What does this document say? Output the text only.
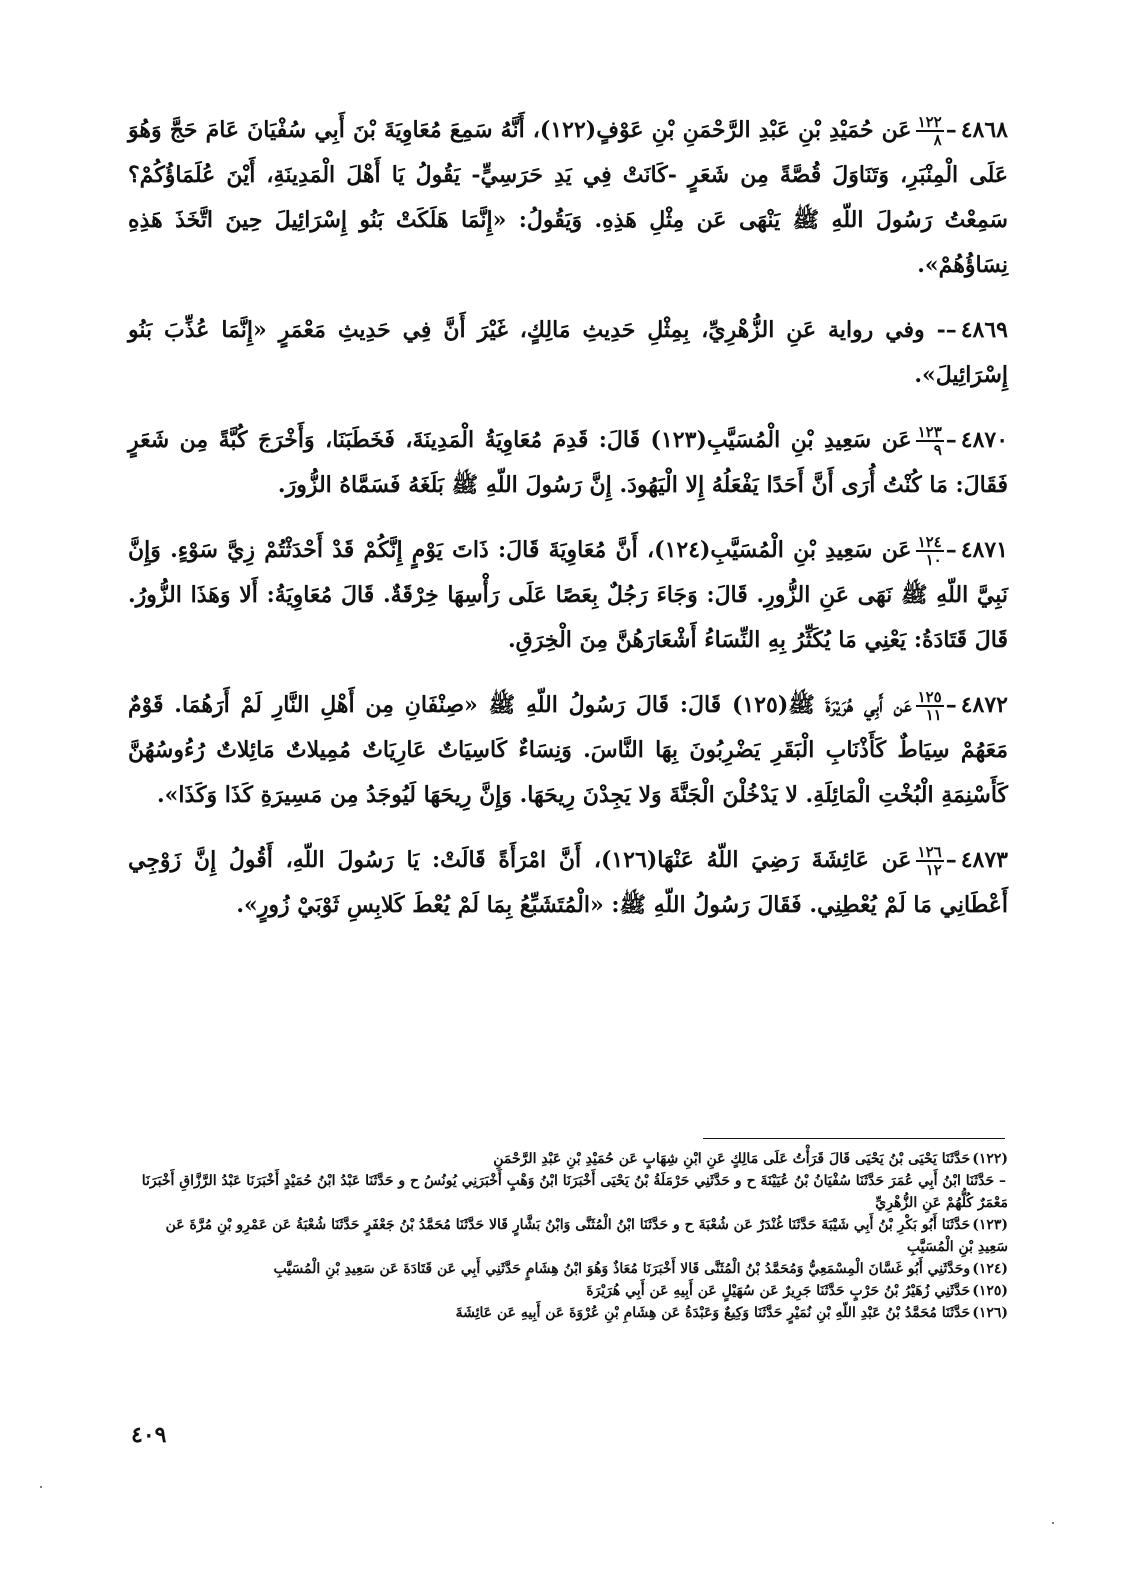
٤٨٦٨–
$\frac{١٢٢}{٨}$
عَن حُمَيْدِ بْنِ عَبْدِ الرَّحْمَنِ بْنِ عَوْفٍ(١٢٢)، أَنَّهُ سَمِعَ مُعَاوِيَةَ بْنَ أَبِي سُفْيَانَ عَامَ حَجَّ وَهُوَ عَلَى الْمِنْبَرِ، وَتَنَاوَلَ قُصَّةً مِن شَعَرٍ -كَانَتْ فِي يَدِ حَرَسِيٍّ- يَقُولُ يَا أَهْلَ الْمَدِينَةِ، أَيْنَ عُلَمَاؤُكُمْ؟ سَمِعْتُ رَسُولَ اللّهِ ﷺ يَنْهَى عَن مِثْلِ هَذِهِ. وَيَقُولُ: «إِنَّمَا هَلَكَتْ بَنُو إِسْرَائِيلَ حِينَ اتَّخَذَ هَذِهِ نِسَاؤُهُمْ».

٤٨٦٩–- وفي رواية عَنِ الزُّهْرِيِّ، بِمِثْلِ حَدِيثِ مَالِكٍ، غَيْرَ أَنَّ فِي حَدِيثِ مَعْمَرٍ «إِنَّمَا عُذِّبَ بَنُو إِسْرَائِيلَ».

٤٨٧٠–
$\frac{١٢٣}{٩}$
عَن سَعِيدِ بْنِ الْمُسَيَّبِ(١٢٣) قَالَ: قَدِمَ مُعَاوِيَةُ الْمَدِينَةَ، فَخَطَبَنَا، وَأَخْرَجَ كُبَّةً مِن شَعَرٍ فَقَالَ: مَا كُنْتُ أُرَى أَنَّ أَحَدًا يَفْعَلُهُ إِلا الْيَهُودَ. إِنَّ رَسُولَ اللّهِ ﷺ بَلَغَهُ فَسَمَّاهُ الزُّورَ.

٤٨٧١–
$\frac{١٢٤}{١٠}$
عَن سَعِيدِ بْنِ الْمُسَيَّبِ(١٢٤)، أَنَّ مُعَاوِيَةَ قَالَ: ذَاتَ يَوْمٍ إِنَّكُمْ قَدْ أَحْدَثْتُمْ زِيَّ سَوْءٍ. وَإِنَّ نَبِيَّ اللّهِ ﷺ نَهَى عَنِ الزُّورِ. قَالَ: وَجَاءَ رَجُلٌ بِعَصًا عَلَى رَأْسِهَا خِرْقَةٌ. قَالَ مُعَاوِيَةُ: أَلا وَهَذَا الزُّورُ. قَالَ قَتَادَةُ: يَعْنِي مَا يُكَثِّرُ بِهِ النِّسَاءُ أَشْعَارَهُنَّ مِنَ الْخِرَقِ.

٤٨٧٢–
$\frac{١٢٥}{١١}$
عَن أَبِي هُرَيْرَةَ ﷺ(١٢٥) قَالَ: قَالَ رَسُولُ اللّهِ ﷺ «صِنْفَانِ مِن أَهْلِ النَّارِ لَمْ أَرَهُمَا. قَوْمٌ مَعَهُمْ سِيَاطٌ كَأَذْنَابِ الْبَقَرِ يَضْرِبُونَ بِهَا النَّاسَ. وَنِسَاءٌ كَاسِيَاتٌ عَارِيَاتٌ مُمِيلاتٌ مَائِلاتٌ رُءُوسُهُنَّ كَأَسْنِمَةِ الْبُخْتِ الْمَائِلَةِ. لا يَدْخُلْنَ الْجَنَّةَ وَلا يَجِدْنَ رِيحَهَا. وَإِنَّ رِيحَهَا لَيُوجَدُ مِن مَسِيرَةِ كَذَا وَكَذَا».

٤٨٧٣–
$\frac{١٢٦}{١٢}$
عَن عَائِشَةَ رَضِيَ اللّهُ عَنْهَا(١٢٦)، أَنَّ امْرَأَةً قَالَتْ: يَا رَسُولَ اللّهِ، أَقُولُ إِنَّ زَوْجِي أَعْطَانِي مَا لَمْ يُعْطِنِي. فَقَالَ رَسُولُ اللّهِ ﷺ: «الْمُتَشَبِّعُ بِمَا لَمْ يُعْطَ كَلابِسِ ثَوْبَيْ زُورٍ».

(١٢٢)حَدَّثَنَا يَحْيَى بْنُ يَحْيَى قَالَ قَرَأْتُ عَلَى مَالِكٍ عَنِ ابْنِ شِهَابٍ عَن حُمَيْدِ بْنِ عَبْدِ الرَّحْمَنِ

– حَدَّثَنَا ابْنُ أَبِي عُمَرَ حَدَّثَنَا سُفْيَانُ بْنُ عُيَيْنَةَ ح و حَدَّثَنِي حَرْمَلَةُ بْنُ يَحْيَى أَخْبَرَنَا ابْنُ وَهْبٍ أَخْبَرَنِي يُونُسُ ح و حَدَّثَنَا عَبْدُ ابْنُ حُمَيْدٍ أَخْبَرَنَا عَبْدُ الرَّزَّاقِ أَخْبَرَنَا مَعْمَرٌ كُلُّهُمْ عَنِ الزُّهْرِيِّ

(١٢٣)حَدَّثَنَا أَبُو بَكْرِ بْنُ أَبِي شَيْبَةَ حَدَّثَنَا غُنْدَرٌ عَن شُعْبَةَ ح و حَدَّثَنَا ابْنُ الْمُثَنَّى وَابْنُ بَشَّارٍ قَالا حَدَّثَنَا مُحَمَّدُ بْنُ جَعْفَرٍ حَدَّثَنَا شُعْبَةُ عَن عَمْرِو بْنِ مُرَّةَ عَن سَعِيدِ بْنِ الْمُسَيَّبِ

(١٢٤)وحَدَّثَنِي أَبُو غَسَّانَ الْمِسْمَعِيُّ وَمُحَمَّدُ بْنُ الْمُثَنَّى قَالا أَخْبَرَنَا مُعَاذٌ وَهُوَ ابْنُ هِشَامٍ حَدَّثَنِي أَبِي عَن قَتَادَةَ عَن سَعِيدِ بْنِ الْمُسَيَّبِ

(١٢٥)حَدَّثَنِي زُهَيْرُ بْنُ حَرْبٍ حَدَّثَنَا جَرِيرٌ عَن سُهَيْلٍ عَن أَبِيهِ عَن أَبِي هُرَيْرَةَ

(١٢٦)حَدَّثَنَا مُحَمَّدُ بْنُ عَبْدِ اللّهِ بْنِ نُمَيْرٍ حَدَّثَنَا وَكِيعٌ وَعَبْدَةُ عَن هِشَامِ بْنِ عُرْوَةَ عَن أَبِيهِ عَن عَائِشَةَ

٤٠٩
